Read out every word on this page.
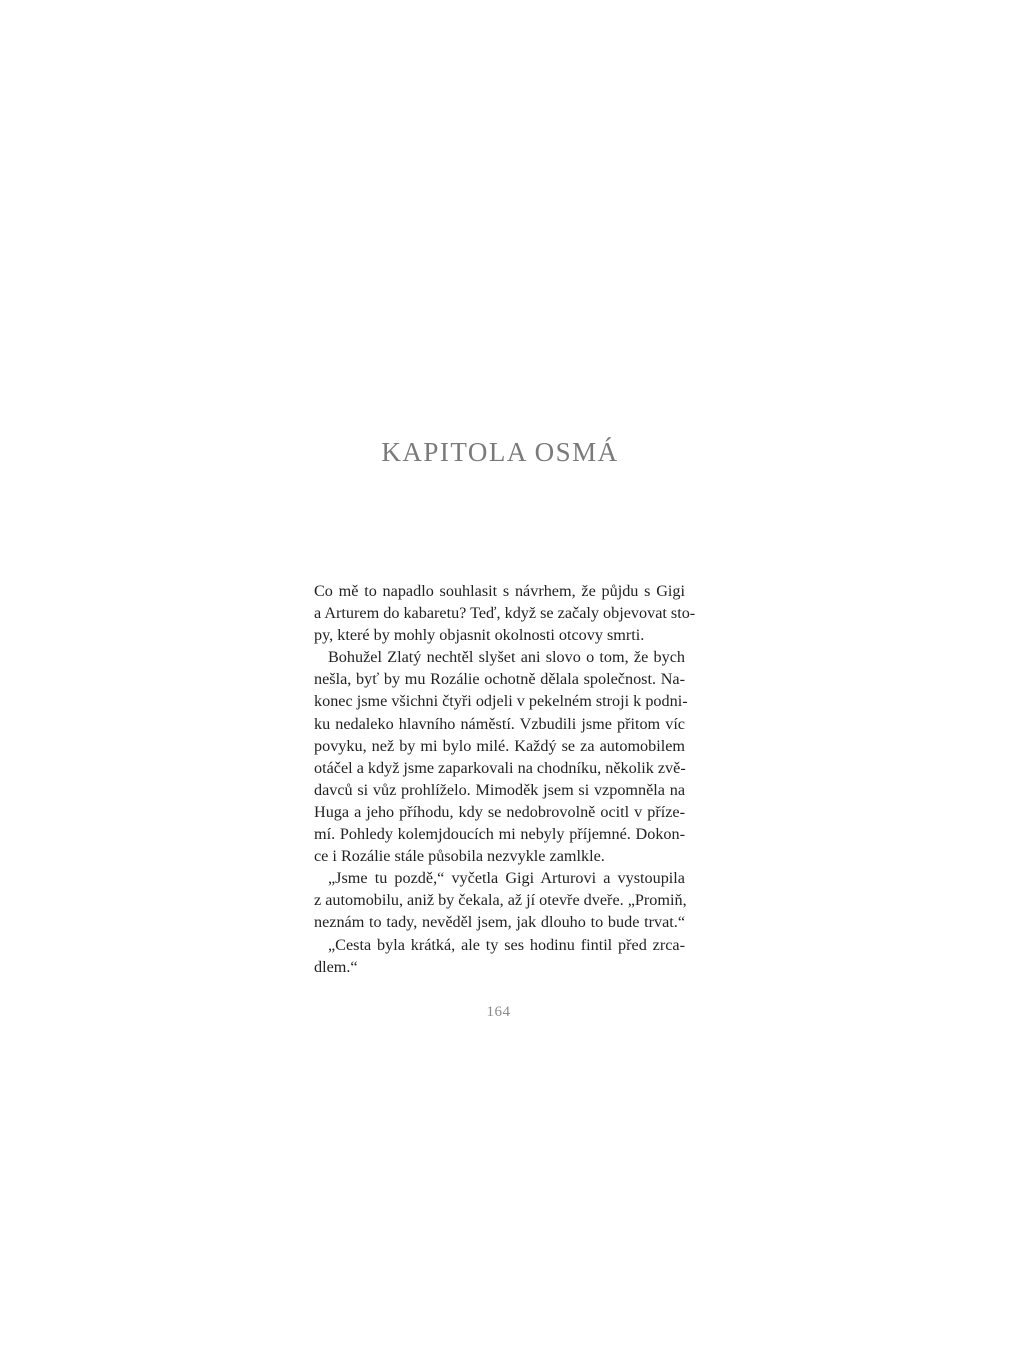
KAPITOLA OSMÁ
Co mě to napadlo souhlasit s návrhem, že půjdu s Gigi
a Arturem do kabaretu? Teď, když se začaly objevovat sto-
py, které by mohly objasnit okolnosti otcovy smrti.
Bohužel Zlatý nechtěl slyšet ani slovo o tom, že bych
nešla, byť by mu Rozálie ochotně dělala společnost. Na-
konec jsme všichni čtyři odjeli v pekelném stroji k podni-
ku nedaleko hlavního náměstí. Vzbudili jsme přitom víc
povyku, než by mi bylo milé. Každý se za automobilem
otáčel a když jsme zaparkovali na chodníku, několik zvě-
davců si vůz prohlíželo. Mimoděk jsem si vzpomněla na
Huga a jeho příhodu, kdy se nedobrovolně ocitl v příze-
mí. Pohledy kolemjdoucích mi nebyly příjemné. Dokon-
ce i Rozálie stále působila nezvykle zamlkle.
„Jsme tu pozdě,“ vyčetla Gigi Arturovi a vystoupila
z automobilu, aniž by čekala, až jí otevře dveře. „Promiň,
neznám to tady, nevěděl jsem, jak dlouho to bude trvat.“
„Cesta byla krátká, ale ty ses hodinu fintil před zrca-
dlem.“
164
